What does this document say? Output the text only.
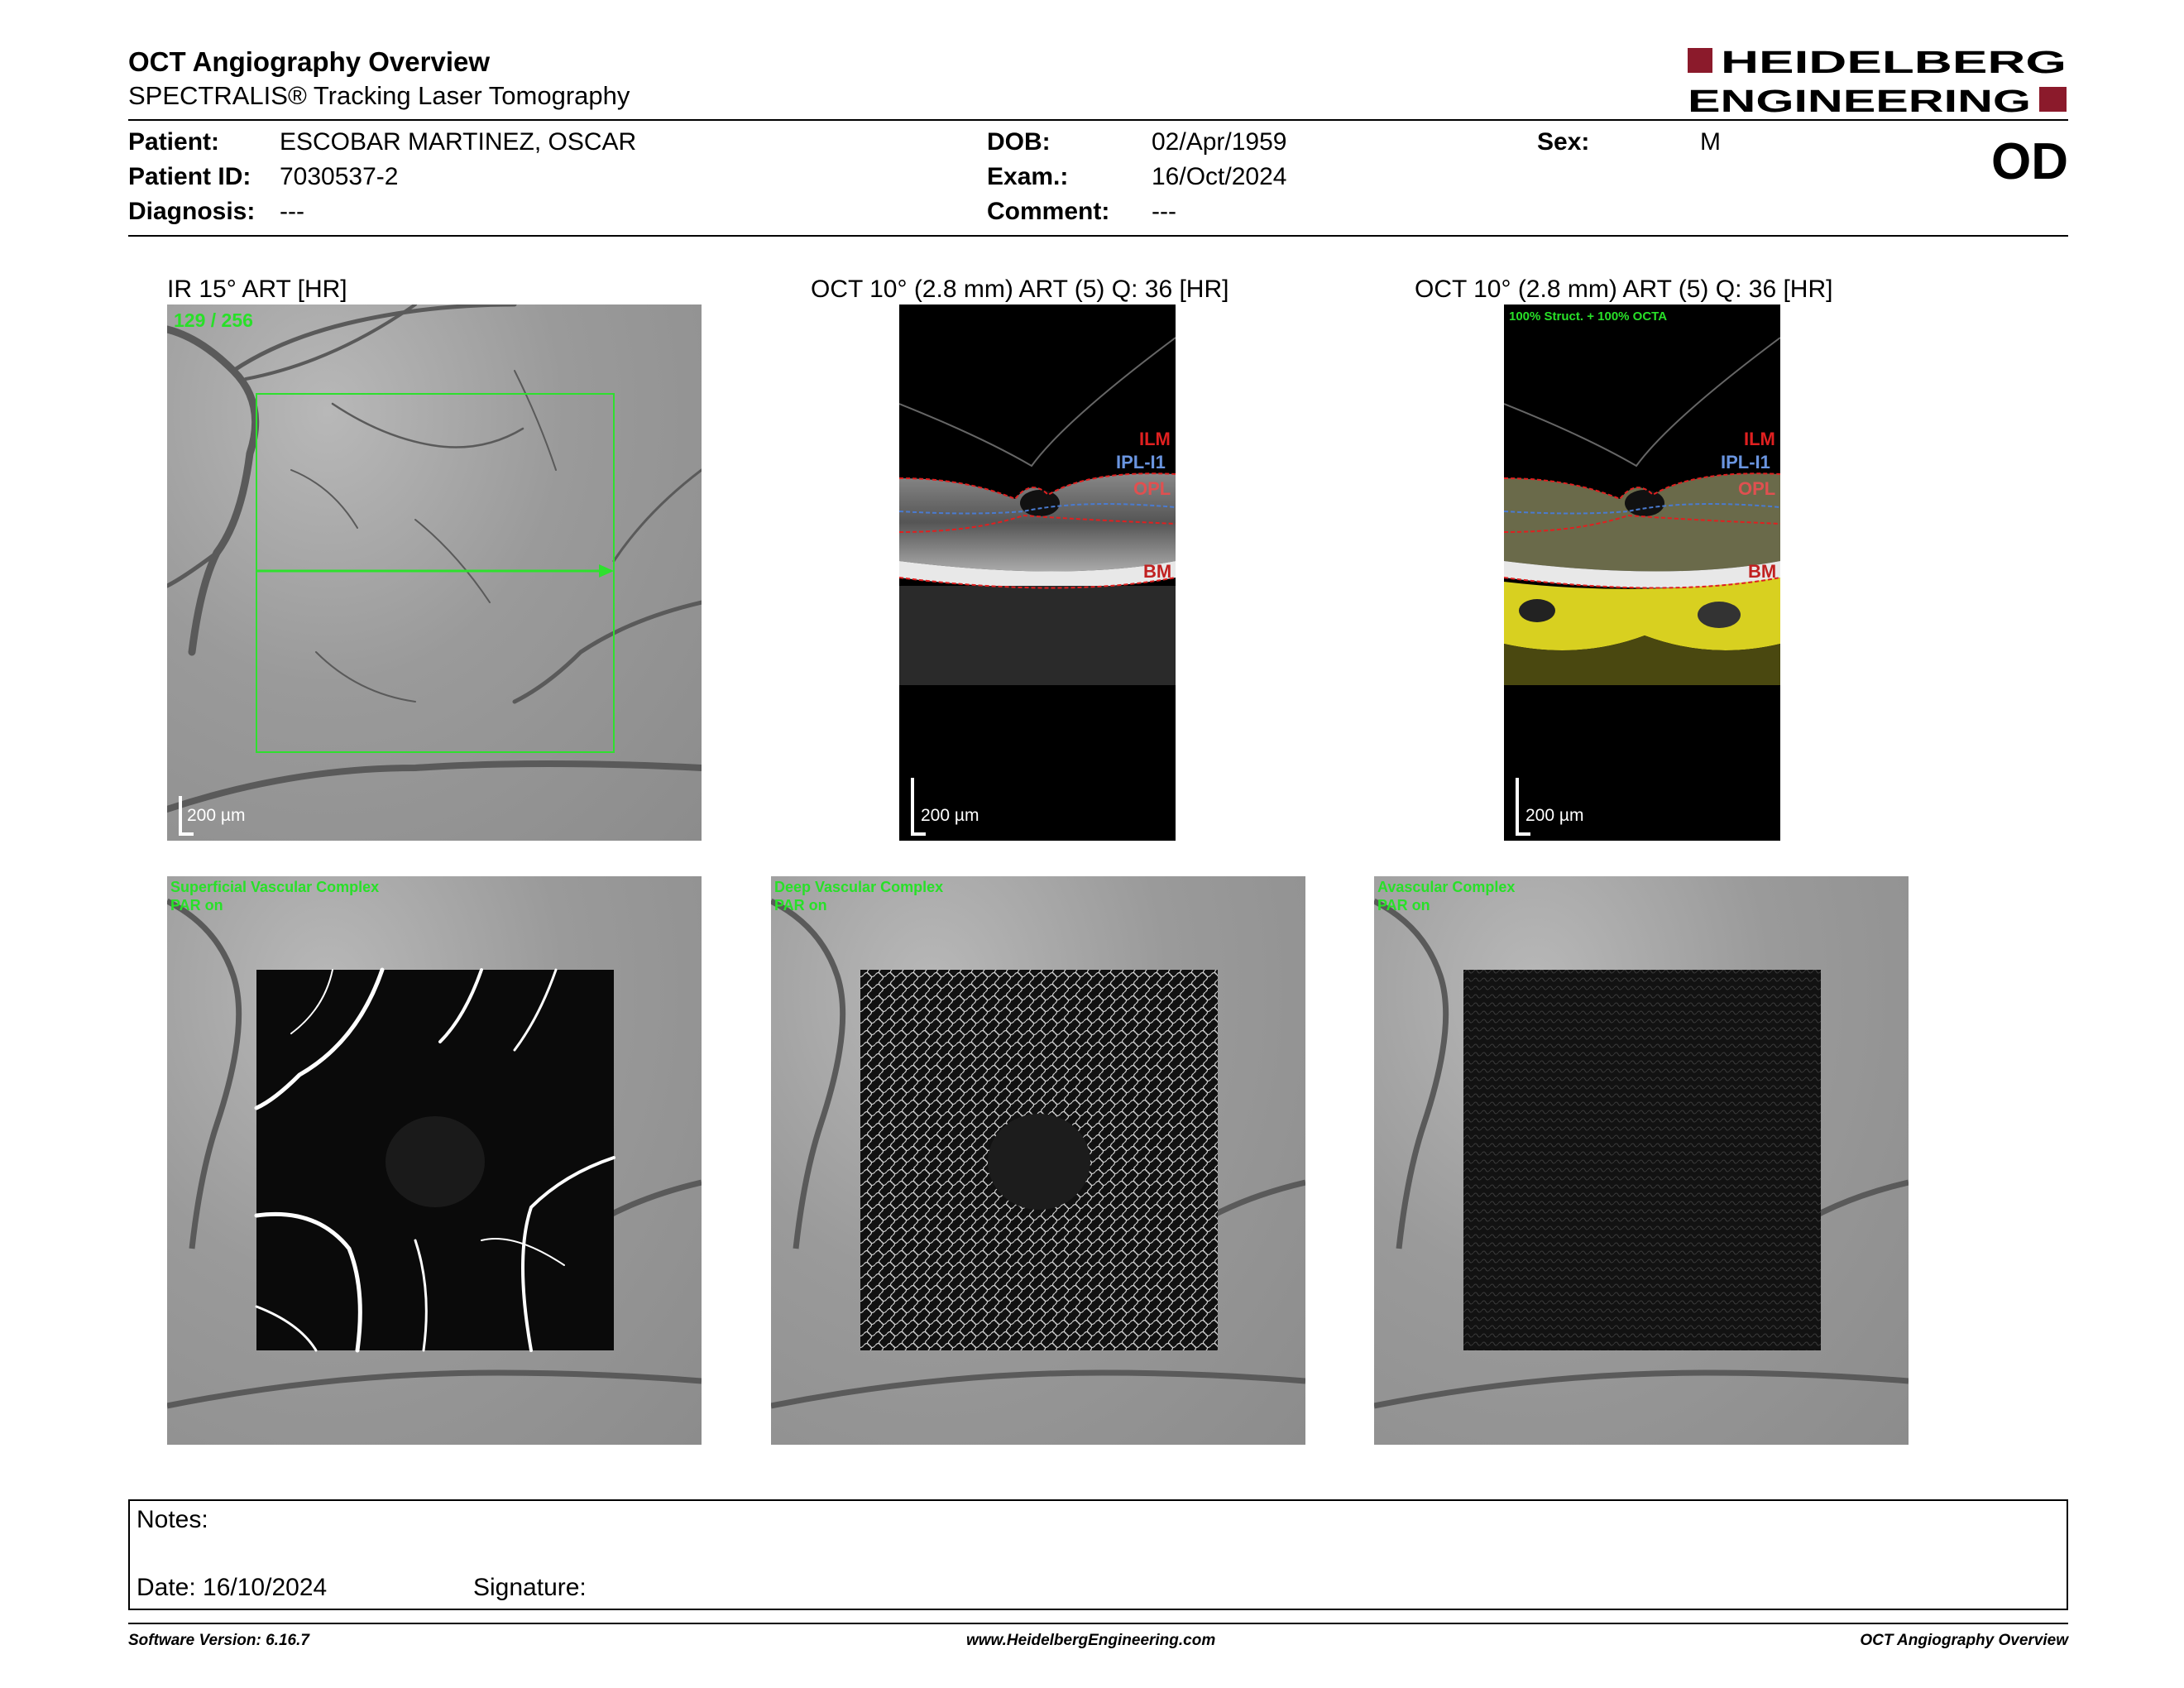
OCT Angiography Overview
SPECTRALIS® Tracking Laser Tomography
HEIDELBERG
ENGINEERING
Patient: ESCOBAR MARTINEZ, OSCAR
Patient ID: 7030537-2
Diagnosis: ---
DOB:	02/Apr/1959
Exam.:	16/Oct/2024
Comment: ---
Sex:	M	OD
IR 15° ART [HR]	OCT 10° (2.8 mm) ART (5) Q: 36 [HR]	OCT 10° (2.8 mm) ART (5) Q: 36 [HR]
129 / 256
200 µm
ILM
IPL-I1
OPL
BM
200 µm
100% Struct. + 100% OCTA
ILM
IPL-I1
OPL
BM
200 µm
Superficial Vascular Complex
PAR on
Deep Vascular Complex
PAR on
Avascular Complex
PAR on
Notes:
Date: 16/10/2024	Signature:
Software Version: 6.16.7	www.HeidelbergEngineering.com	OCT Angiography Overview
